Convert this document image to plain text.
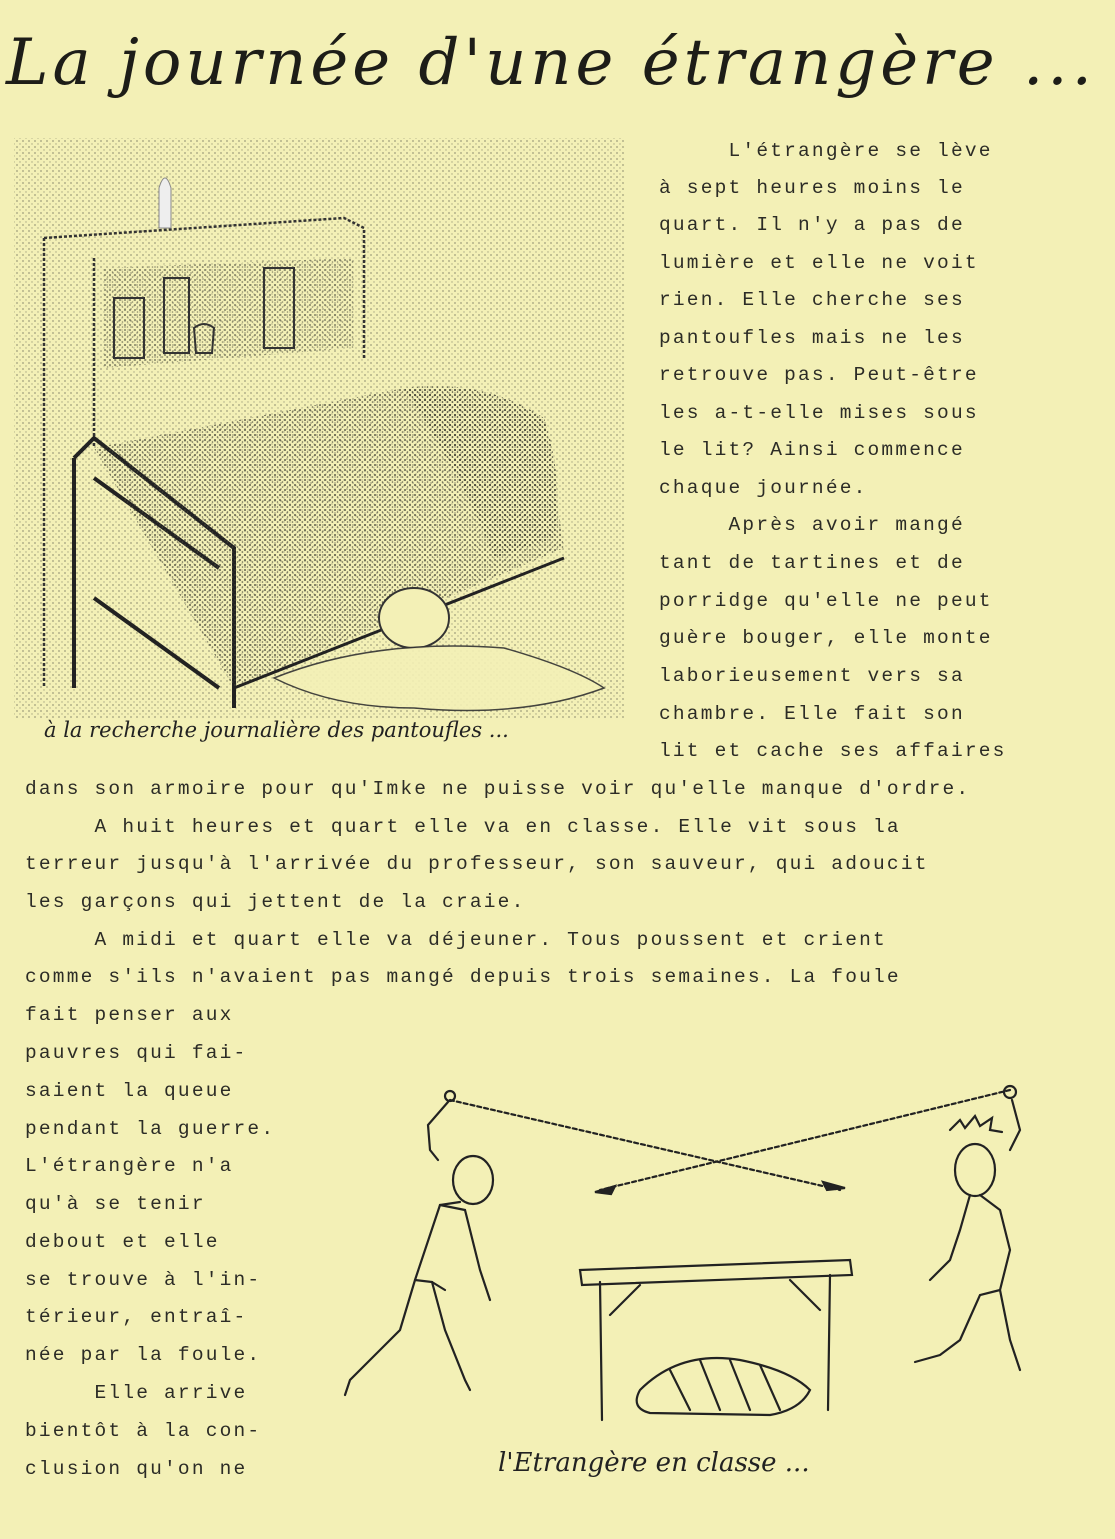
La journée d'une étrangère ...
à la recherche journalière des pantoufles ...
L'étrangère se lève
à sept heures moins le
quart. Il n'y a pas de
lumière et elle ne voit
rien. Elle cherche ses
pantoufles mais ne les
retrouve pas. Peut-être
les a-t-elle mises sous
le lit? Ainsi commence
chaque journée.
Après avoir mangé
tant de tartines et de
porridge qu'elle ne peut
guère bouger, elle monte
laborieusement vers sa
chambre. Elle fait son
lit et cache ses affaires
dans son armoire pour qu'Imke ne puisse voir qu'elle manque d'ordre.
A huit heures et quart elle va en classe. Elle vit sous la
terreur jusqu'à l'arrivée du professeur, son sauveur, qui adoucit
les garçons qui jettent de la craie.
A midi et quart elle va déjeuner. Tous poussent et crient
comme s'ils n'avaient pas mangé depuis trois semaines. La foule
fait penser aux
pauvres qui fai-
saient la queue
pendant la guerre.
L'étrangère n'a
qu'à se tenir
debout et elle
se trouve à l'in-
térieur, entraî-
née par la foule.
Elle arrive
bientôt à la con-
clusion qu'on ne	l'Etrangère en classe ...
